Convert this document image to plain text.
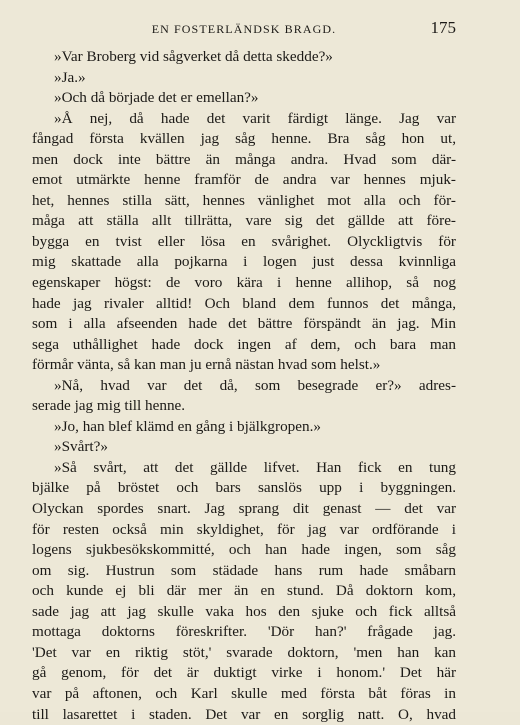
EN FOSTERLÄNDSK BRAGD.	175
»Var Broberg vid sågverket då detta skedde?»
»Ja.»
»Och då började det er emellan?»
»Å nej, då hade det varit färdigt länge. Jag var
fångad första kvällen jag såg henne. Bra såg hon ut,
men dock inte bättre än många andra. Hvad som där-
emot utmärkte henne framför de andra var hennes mjuk-
het, hennes stilla sätt, hennes vänlighet mot alla och för-
måga att ställa allt tillrätta, vare sig det gällde att före-
bygga en tvist eller lösa en svårighet. Olyckligtvis för
mig skattade alla pojkarna i logen just dessa kvinnliga
egenskaper högst: de voro kära i henne allihop, så nog
hade jag rivaler alltid! Och bland dem funnos det många,
som i alla afseenden hade det bättre förspändt än jag. Min
sega uthållighet hade dock ingen af dem, och bara man
förmår vänta, så kan man ju ernå nästan hvad som helst.»
»Nå, hvad var det då, som besegrade er?» adres-
serade jag mig till henne.
»Jo, han blef klämd en gång i bjälkgropen.»
»Svårt?»
»Så svårt, att det gällde lifvet. Han fick en tung
bjälke på bröstet och bars sanslös upp i byggningen.
Olyckan spordes snart. Jag sprang dit genast — det var
för resten också min skyldighet, för jag var ordförande i
logens sjukbesökskommitté, och han hade ingen, som såg
om sig. Hustrun som städade hans rum hade småbarn
och kunde ej bli där mer än en stund. Då doktorn kom,
sade jag att jag skulle vaka hos den sjuke och fick alltså
mottaga doktorns föreskrifter. 'Dör han?' frågade jag.
'Det var en riktig stöt,' svarade doktorn, 'men han kan
gå genom, för det är duktigt virke i honom.' Det här
var på aftonen, och Karl skulle med första båt föras in
till lasarettet i staden. Det var en sorglig natt. O, hvad
